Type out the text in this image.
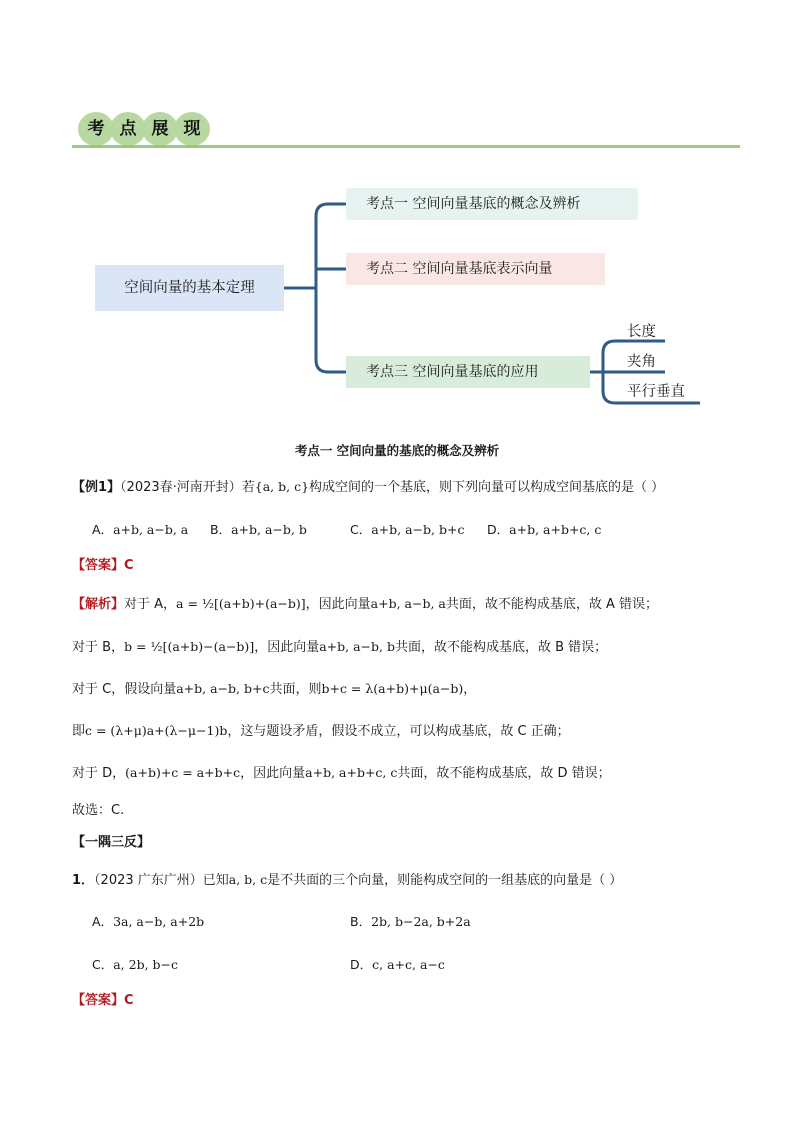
考 点 展 现
空间向量的基本定理
考点一 空间向量基底的概念及辨析
考点二 空间向量基底表示向量
考点三 空间向量基底的应用
长度
夹角
平行垂直
考点一 空间向量的基底的概念及辨析
【例1】（2023春·河南开封）若{a, b, c}构成空间的一个基底，则下列向量可以构成空间基底的是（ ）
A．a+b, a−b, a B．a+b, a−b, b	C．a+b, a−b, b+c D．a+b, a+b+c, c
【答案】C
【解析】对于 A，a = ½[(a+b)+(a−b)]，因此向量a+b, a−b, a共面，故不能构成基底，故 A 错误；
对于 B，b = ½[(a+b)−(a−b)]，因此向量a+b, a−b, b共面，故不能构成基底，故 B 错误；
对于 C，假设向量a+b, a−b, b+c共面，则b+c = λ(a+b)+μ(a−b)，
即c = (λ+μ)a+(λ−μ−1)b，这与题设矛盾，假设不成立，可以构成基底，故 C 正确；
对于 D，(a+b)+c = a+b+c，因此向量a+b, a+b+c, c共面，故不能构成基底，故 D 错误；
故选：C.
【一隅三反】
1．（2023 广东广州）已知a, b, c是不共面的三个向量，则能构成空间的一组基底的向量是（ ）
A．3a, a−b, a+2b	B．2b, b−2a, b+2a
C．a, 2b, b−c	D．c, a+c, a−c
【答案】C
